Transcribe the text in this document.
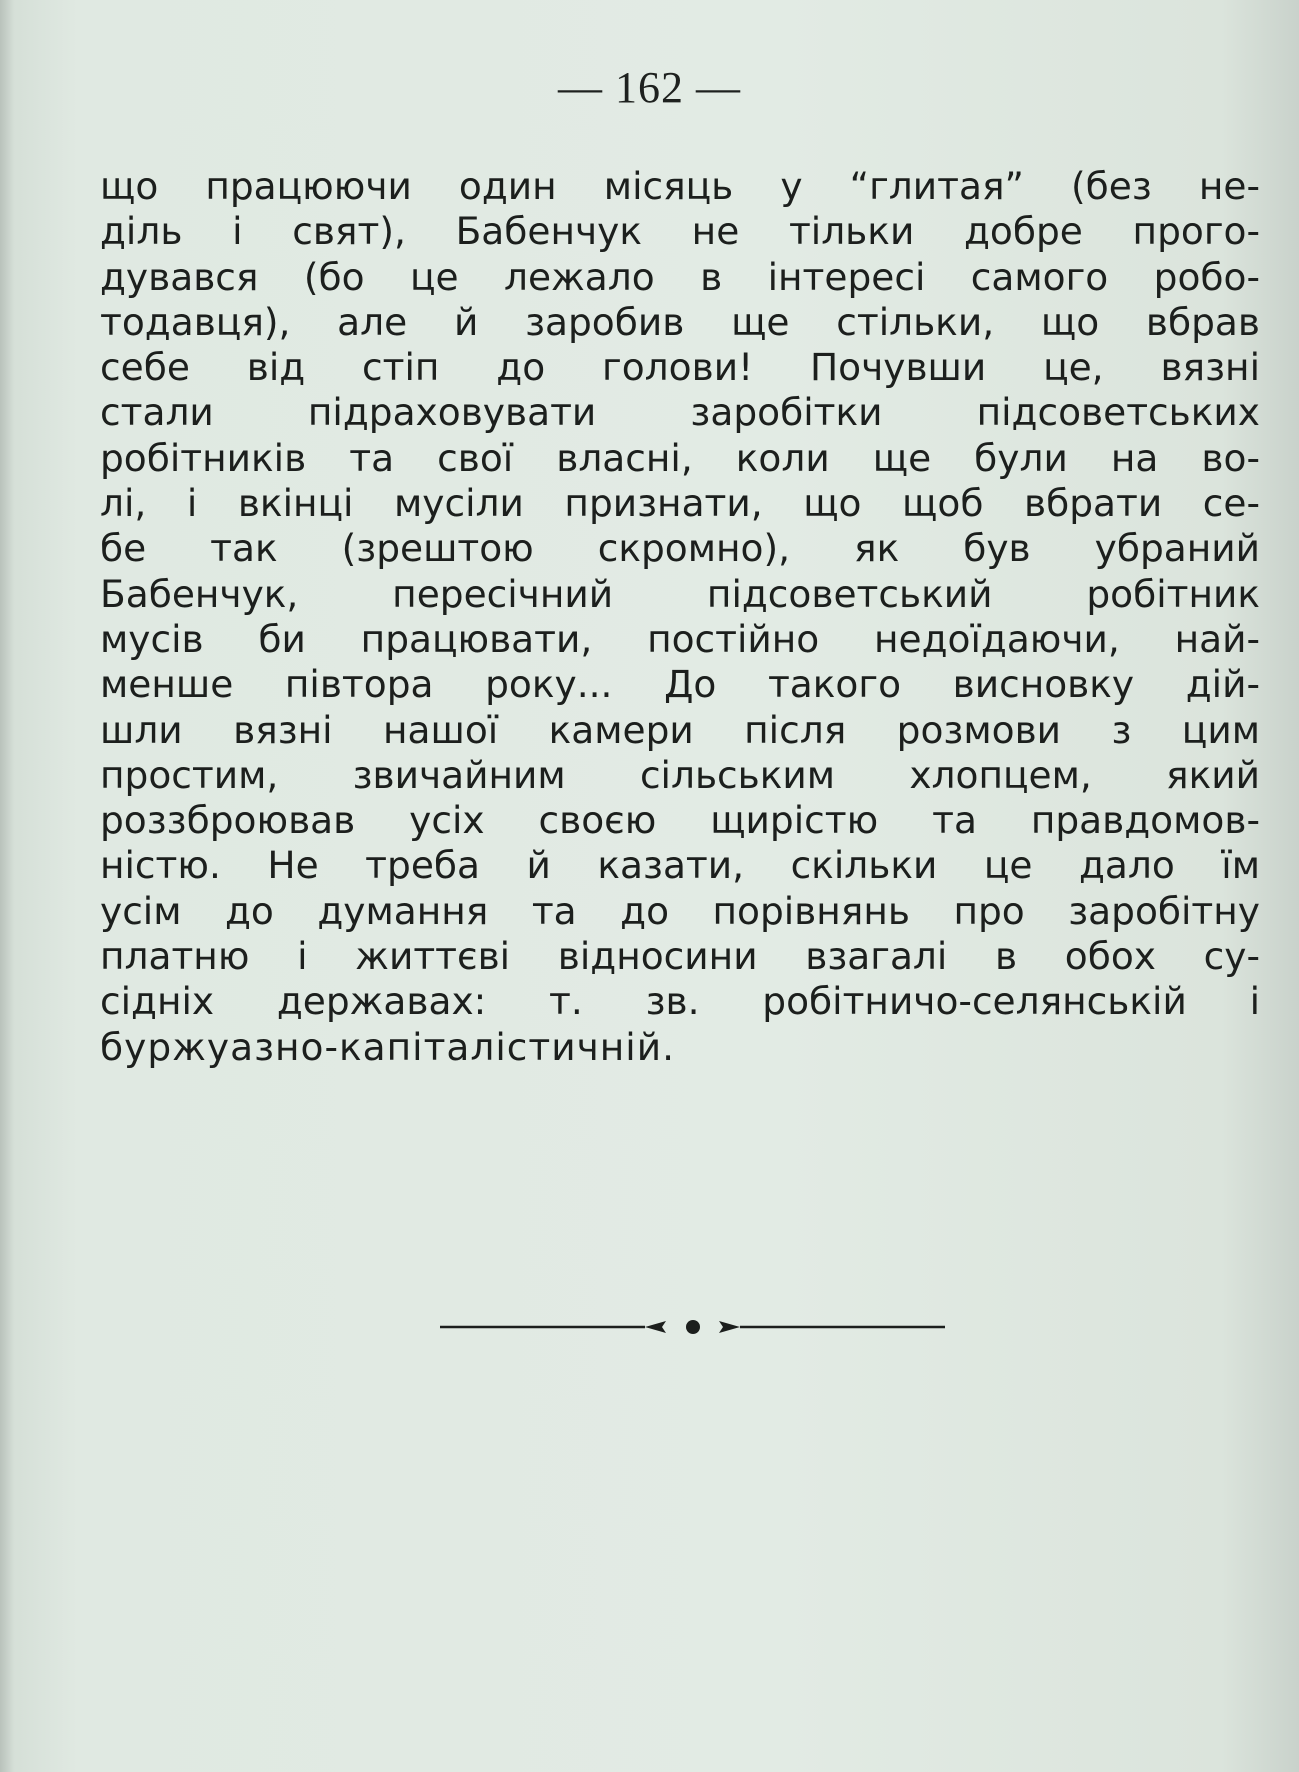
— 162 —
що працюючи один місяць у “глитая” (без не-
діль і свят), Бабенчук не тільки добре прого-
дувався (бо це лежало в інтересі самого робо-
тодавця), але й заробив ще стільки, що вбрав
себе від стіп до голови! Почувши це, вязні
стали підраховувати заробітки підсоветських
робітників та свої власні, коли ще були на во-
лі, і вкінці мусіли признати, що щоб вбрати се-
бе так (зрештою скромно), як був убраний
Бабенчук, пересічний підсоветський робітник
мусів би працювати, постійно недоїдаючи, най-
менше півтора року... До такого висновку дій-
шли вязні нашої камери після розмови з цим
простим, звичайним сільським хлопцем, який
роззброював усіх своєю щирістю та правдомов-
ністю. Не треба й казати, скільки це дало їм
усім до думання та до порівнянь про заробітну
платню і життєві відносини взагалі в обох су-
сідніх державах: т. зв. робітничо-селянській і
буржуазно-капіталістичній.
